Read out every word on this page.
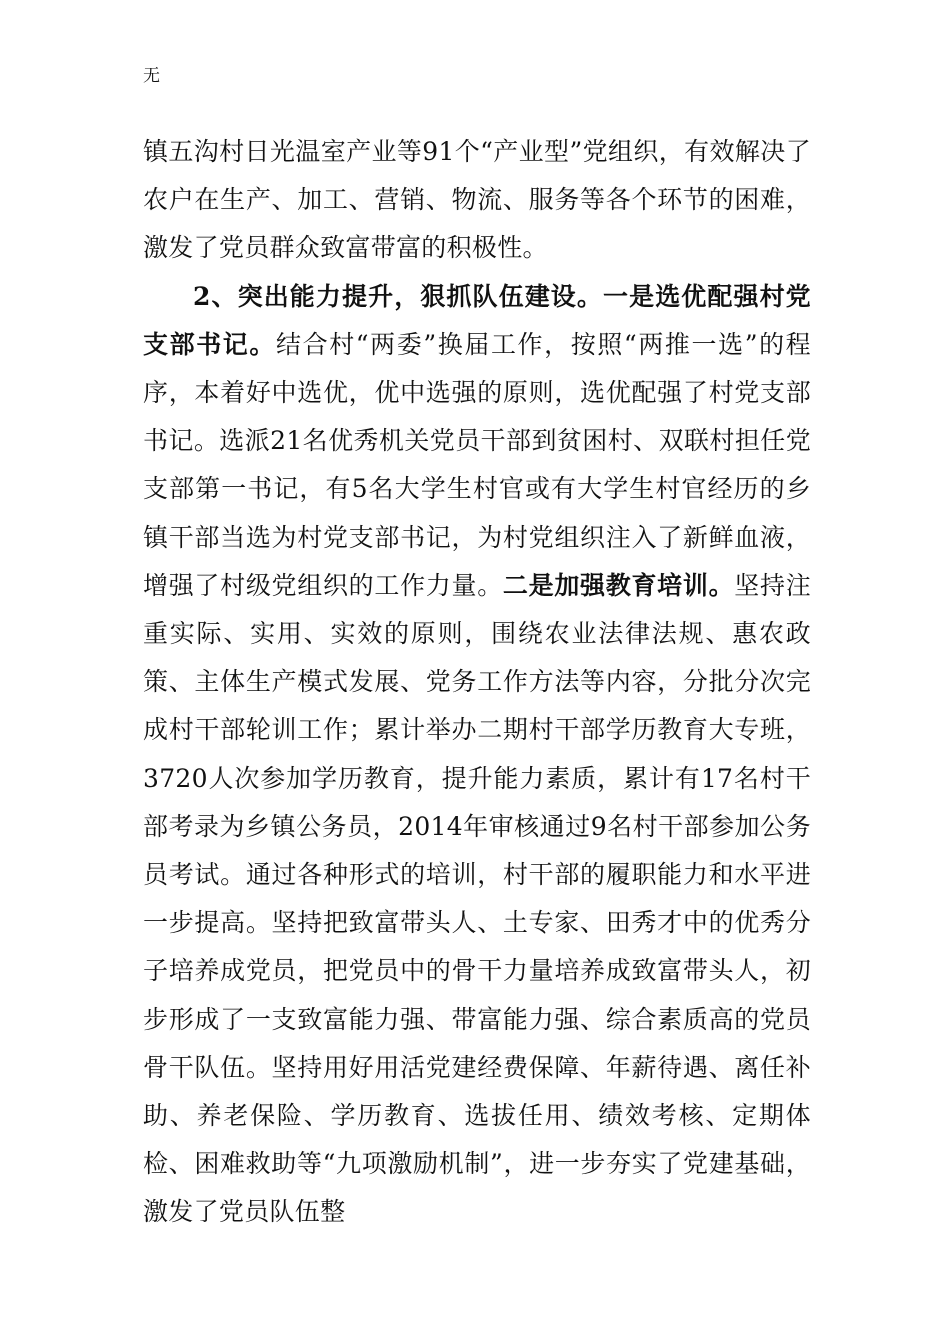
无

镇五沟村日光温室产业等91个“产业型”党组织，有效解决了农户在生产、加工、营销、物流、服务等各个环节的困难，激发了党员群众致富带富的积极性。

2、突出能力提升，狠抓队伍建设。一是选优配强村党支部书记。结合村“两委”换届工作，按照“两推一选”的程序，本着好中选优，优中选强的原则，选优配强了村党支部书记。选派21名优秀机关党员干部到贫困村、双联村担任党支部第一书记，有5名大学生村官或有大学生村官经历的乡镇干部当选为村党支部书记，为村党组织注入了新鲜血液，增强了村级党组织的工作力量。二是加强教育培训。坚持注重实际、实用、实效的原则，围绕农业法律法规、惠农政策、主体生产模式发展、党务工作方法等内容，分批分次完成村干部轮训工作；累计举办二期村干部学历教育大专班，3720人次参加学历教育，提升能力素质，累计有17名村干部考录为乡镇公务员，2014年审核通过9名村干部参加公务员考试。通过各种形式的培训，村干部的履职能力和水平进一步提高。坚持把致富带头人、土专家、田秀才中的优秀分子培养成党员，把党员中的骨干力量培养成致富带头人，初步形成了一支致富能力强、带富能力强、综合素质高的党员骨干队伍。坚持用好用活党建经费保障、年薪待遇、离任补助、养老保险、学历教育、选拔任用、绩效考核、定期体检、困难救助等“九项激励机制”，进一步夯实了党建基础，激发了党员队伍整
